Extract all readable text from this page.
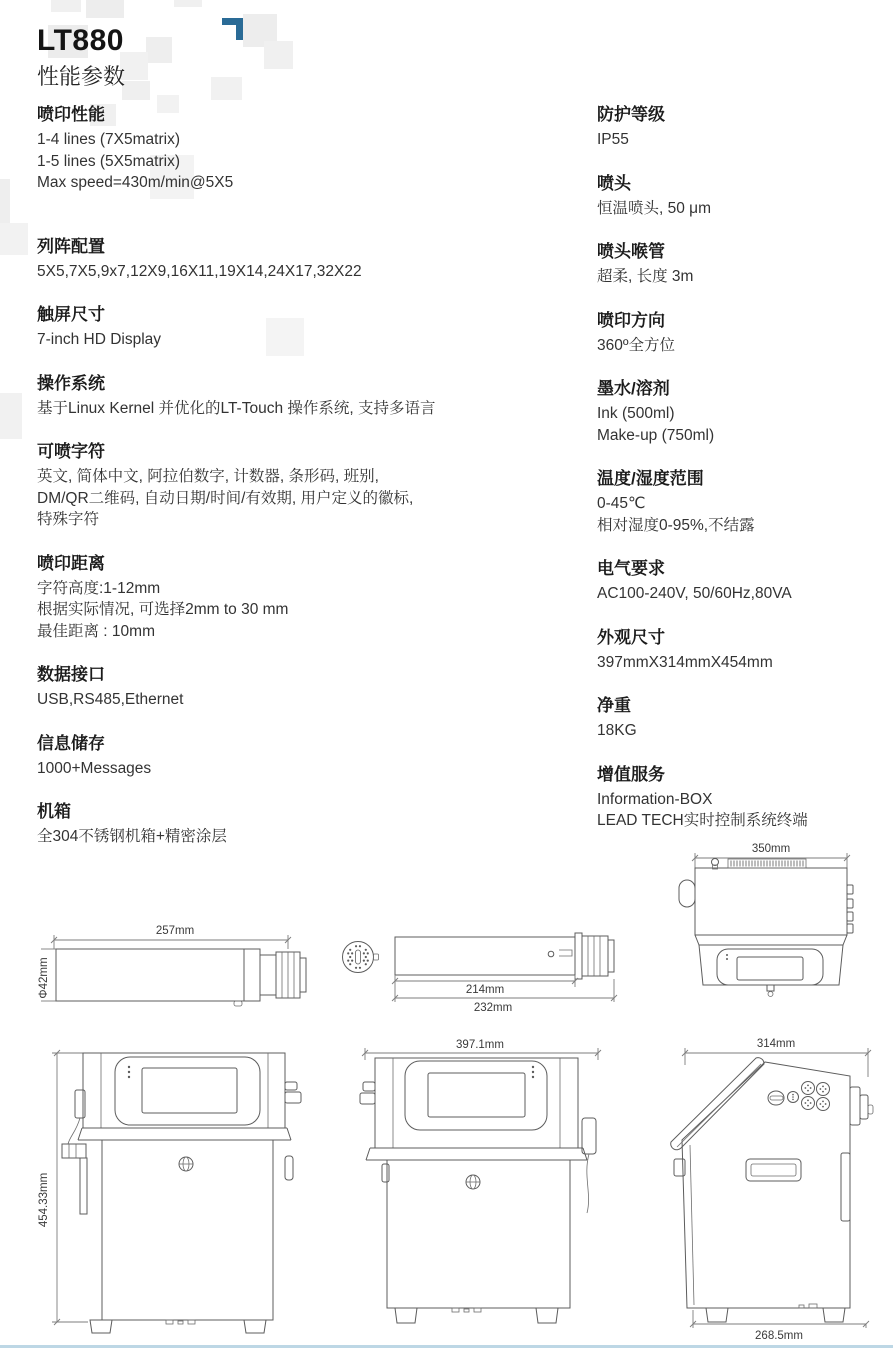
LT880
性能参数
喷印性能

1-4 lines (7X5matrix)

1-5 lines (5X5matrix)

Max speed=430m/min@5X5

列阵配置

5X5,7X5,9x7,12X9,16X11,19X14,24X17,32X22

触屏尺寸

7-inch HD Display

操作系统

基于Linux Kernel 并优化的LT-Touch 操作系统, 支持多语言

可喷字符

英文, 简体中文, 阿拉伯数字, 计数器, 条形码, 班别,

DM/QR二维码, 自动日期/时间/有效期, 用户定义的徽标,

特殊字符

喷印距离

字符高度:1-12mm

根据实际情况, 可选择2mm to 30 mm

最佳距离 : 10mm

数据接口

USB,RS485,Ethernet

信息储存

1000+Messages

机箱

全304不锈钢机箱+精密涂层

防护等级

IP55

喷头

恒温喷头, 50 μm

喷头喉管

超柔, 长度 3m

喷印方向

360º全方位

墨水/溶剂

Ink (500ml)

Make-up (750ml)

温度/湿度范围

0-45℃

相对湿度0-95%,不结露

电气要求

AC100-240V, 50/60Hz,80VA

外观尺寸

397mmX314mmX454mm

净重

18KG

增值服务

Information-BOX

LEAD TECH实时控制系统终端

350mm
257mm
Φ42mm	214mm
232mm
454.33mm
397.1mm	314mm
268.5mm
